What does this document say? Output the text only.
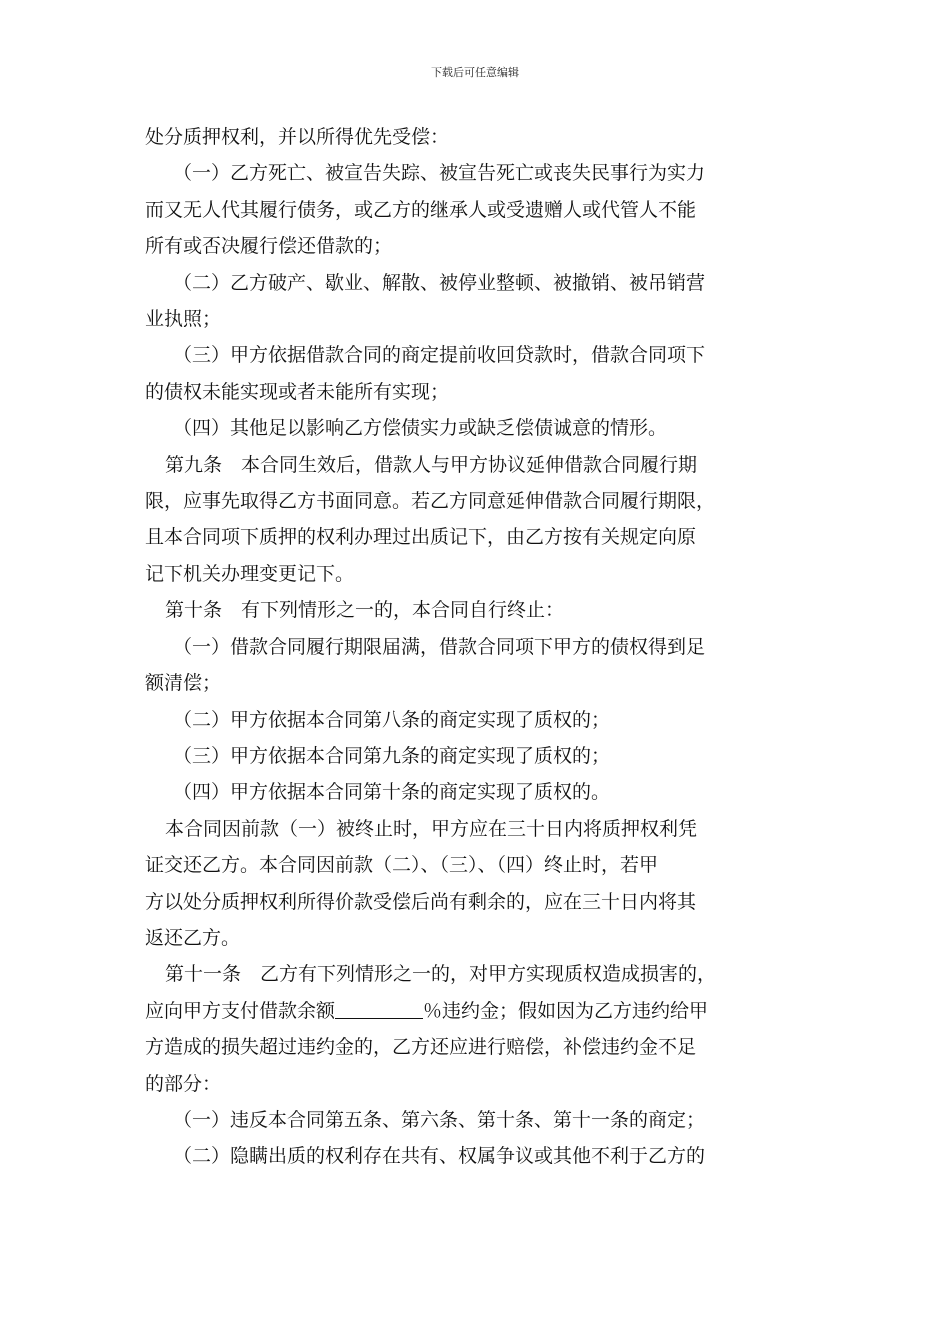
下载后可任意编辑

处分质押权利，并以所得优先受偿：

（一）乙方死亡、被宣告失踪、被宣告死亡或丧失民事行为实力

而又无人代其履行债务，或乙方的继承人或受遗赠人或代管人不能

所有或否决履行偿还借款的；

（二）乙方破产、歇业、解散、被停业整顿、被撤销、被吊销营

业执照；

（三）甲方依据借款合同的商定提前收回贷款时，借款合同项下

的债权未能实现或者未能所有实现；

（四）其他足以影响乙方偿债实力或缺乏偿债诚意的情形。

第九条　本合同生效后，借款人与甲方协议延伸借款合同履行期

限，应事先取得乙方书面同意。若乙方同意延伸借款合同履行期限，

且本合同项下质押的权利办理过出质记下，由乙方按有关规定向原

记下机关办理变更记下。

第十条　有下列情形之一的，本合同自行终止：

（一）借款合同履行期限届满，借款合同项下甲方的债权得到足

额清偿；

（二）甲方依据本合同第八条的商定实现了质权的；

（三）甲方依据本合同第九条的商定实现了质权的；

（四）甲方依据本合同第十条的商定实现了质权的。

本合同因前款（一）被终止时，甲方应在三十日内将质押权利凭

证交还乙方。本合同因前款（二）、（三）、（四）终止时，若甲

方以处分质押权利所得价款受偿后尚有剩余的，应在三十日内将其

返还乙方。

第十一条　乙方有下列情形之一的，对甲方实现质权造成损害的，

应向甲方支付借款余额	％违约金；假如因为乙方违约给甲

方造成的损失超过违约金的，乙方还应进行赔偿，补偿违约金不足

的部分：

（一）违反本合同第五条、第六条、第十条、第十一条的商定；

（二）隐瞒出质的权利存在共有、权属争议或其他不利于乙方的
